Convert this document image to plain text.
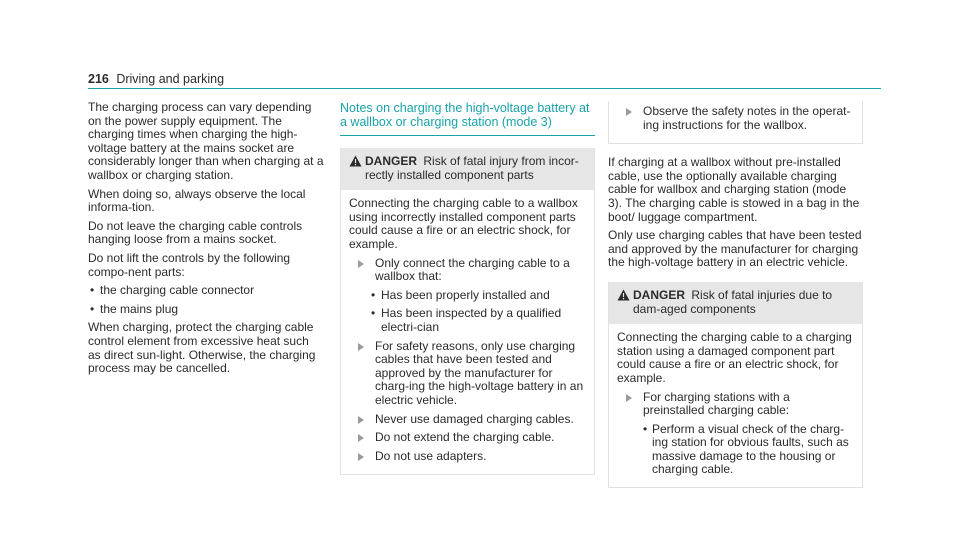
216 Driving and parking

The charging process can vary depending on the power supply equipment. The charging times when charging the high-voltage battery at the mains socket are considerably longer than when charging at a wallbox or charging station.

When doing so, always observe the local informa-tion.

Do not leave the charging cable controls hanging loose from a mains socket.

Do not lift the controls by the following compo-nent parts:

• the charging cable connector
• the mains plug

When charging, protect the charging cable control element from excessive heat such as direct sun-light. Otherwise, the charging process may be cancelled.

Notes on charging the high-voltage battery at a wallbox or charging station (mode 3)
DANGER Risk of fatal injury from incor-rectly installed component parts

Connecting the charging cable to a wallbox using incorrectly installed component parts could cause a fire or an electric shock, for example.

Only connect the charging cable to a wallbox that:
• Has been properly installed and
• Has been inspected by a qualified electri-cian
For safety reasons, only use charging cables that have been tested and approved by the manufacturer for charg-ing the high-voltage battery in an electric vehicle.
Never use damaged charging cables.
Do not extend the charging cable.
Do not use adapters.
Observe the safety notes in the operat-ing instructions for the wallbox.

If charging at a wallbox without pre-installed cable, use the optionally available charging cable for wallbox and charging station (mode 3). The charging cable is stowed in a bag in the boot/ luggage compartment.

Only use charging cables that have been tested and approved by the manufacturer for charging the high-voltage battery in an electric vehicle.

DANGER Risk of fatal injuries due to dam-aged components

Connecting the charging cable to a charging station using a damaged component part could cause a fire or an electric shock, for example.

For charging stations with a preinstalled charging cable:
• Perform a visual check of the charg-ing station for obvious faults, such as massive damage to the housing or charging cable.
